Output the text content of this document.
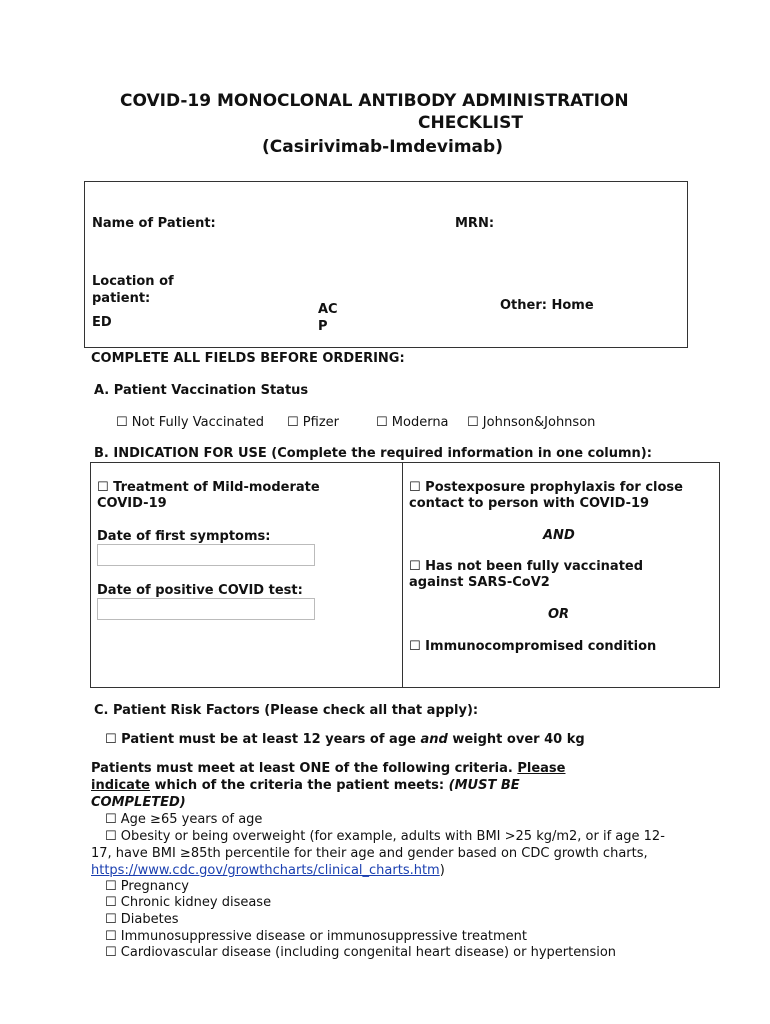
COVID-19 MONOCLONAL ANTIBODY ADMINISTRATION
CHECKLIST
(Casirivimab-Imdevimab)
Name of Patient:	MRN:
Location of
patient:
ED
AC
P
Other: Home
COMPLETE ALL FIELDS BEFORE ORDERING:
A. Patient Vaccination Status
☐ Not Fully Vaccinated ☐ Pfizer	☐ Moderna ☐ Johnson&Johnson
B. INDICATION FOR USE (Complete the required information in one column):
☐ Treatment of Mild-moderate
COVID-19
Date of first symptoms:
Date of positive COVID test:
☐ Postexposure prophylaxis for close
contact to person with COVID-19
AND
☐ Has not been fully vaccinated
against SARS-CoV2
OR
☐ Immunocompromised condition
C. Patient Risk Factors (Please check all that apply):
☐ Patient must be at least 12 years of age and weight over 40 kg
Patients must meet at least ONE of the following criteria. Please
indicate which of the criteria the patient meets: (MUST BE
COMPLETED)
☐ Age ≥65 years of age
☐ Obesity or being overweight (for example, adults with BMI >25 kg/m2, or if age 12-
17, have BMI ≥85th percentile for their age and gender based on CDC growth charts,
https://www.cdc.gov/growthcharts/clinical_charts.htm)
☐ Pregnancy
☐ Chronic kidney disease
☐ Diabetes
☐ Immunosuppressive disease or immunosuppressive treatment
☐ Cardiovascular disease (including congenital heart disease) or hypertension
